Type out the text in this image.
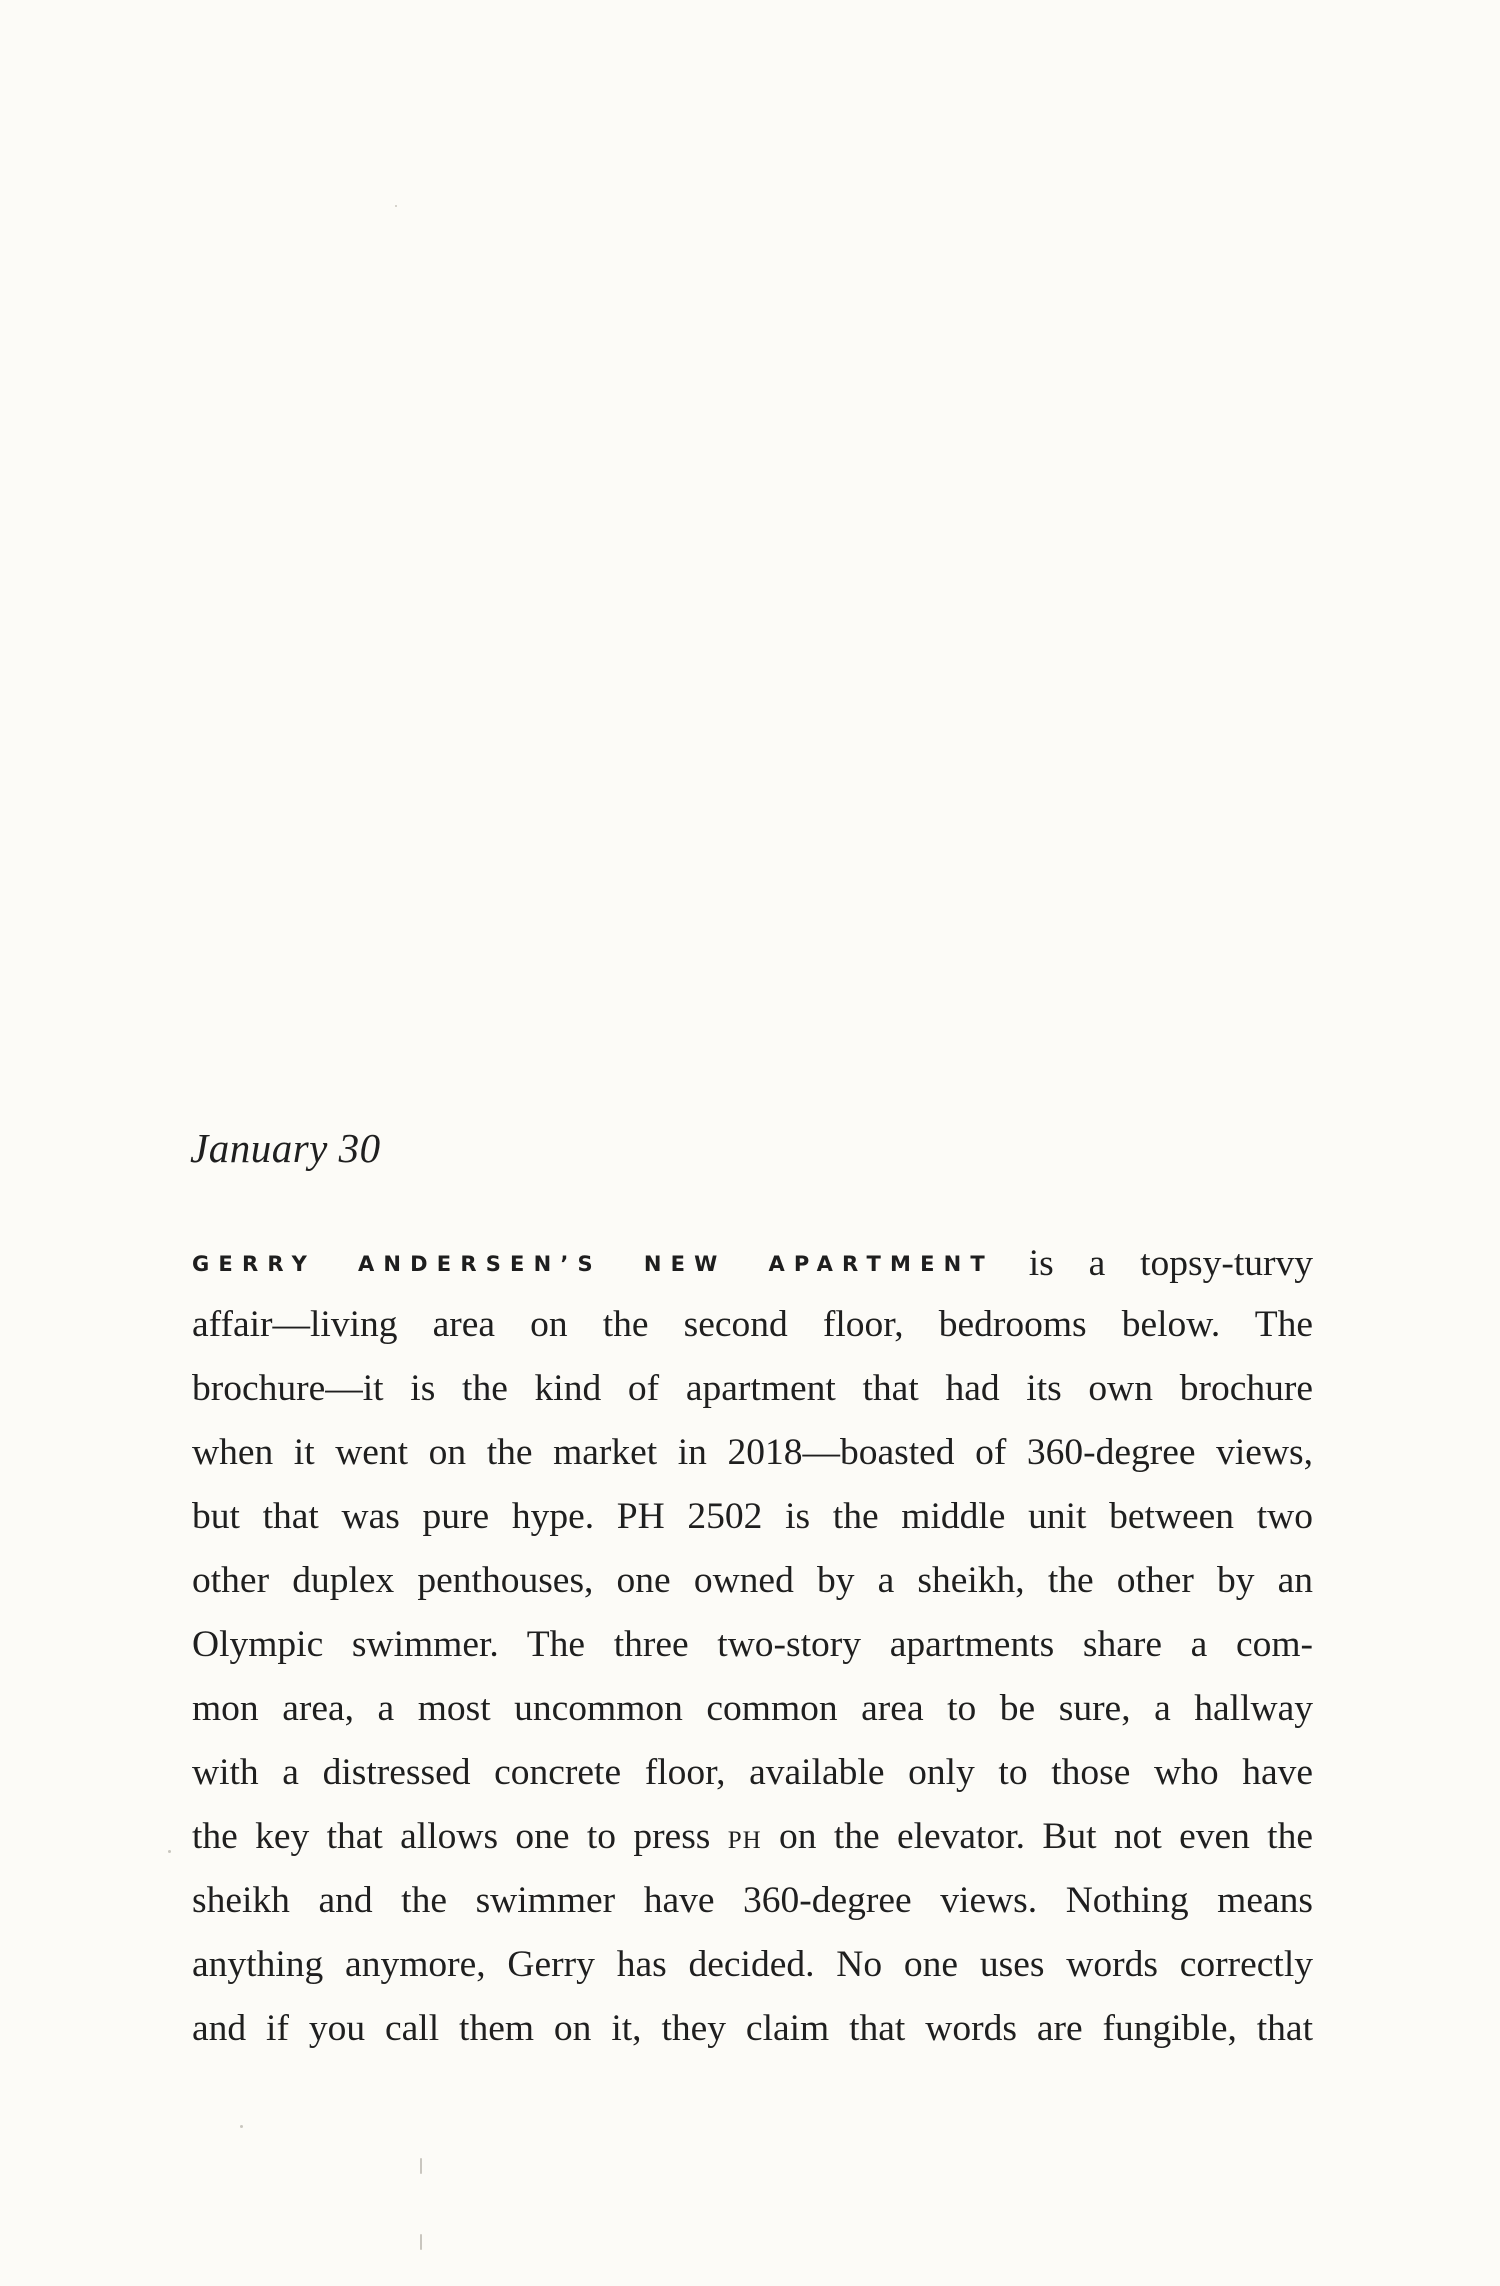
January 30
GERRY ANDERSEN’S NEW APARTMENT is a topsy-turvy
affair—living area on the second floor, bedrooms below. The
brochure—it is the kind of apartment that had its own brochure
when it went on the market in 2018—boasted of 360-degree views,
but that was pure hype. PH 2502 is the middle unit between two
other duplex penthouses, one owned by a sheikh, the other by an
Olympic swimmer. The three two-story apartments share a com-
mon area, a most uncommon common area to be sure, a hallway
with a distressed concrete floor, available only to those who have
the key that allows one to press PH on the elevator. But not even the
sheikh and the swimmer have 360-degree views. Nothing means
anything anymore, Gerry has decided. No one uses words correctly
and if you call them on it, they claim that words are fungible, that
